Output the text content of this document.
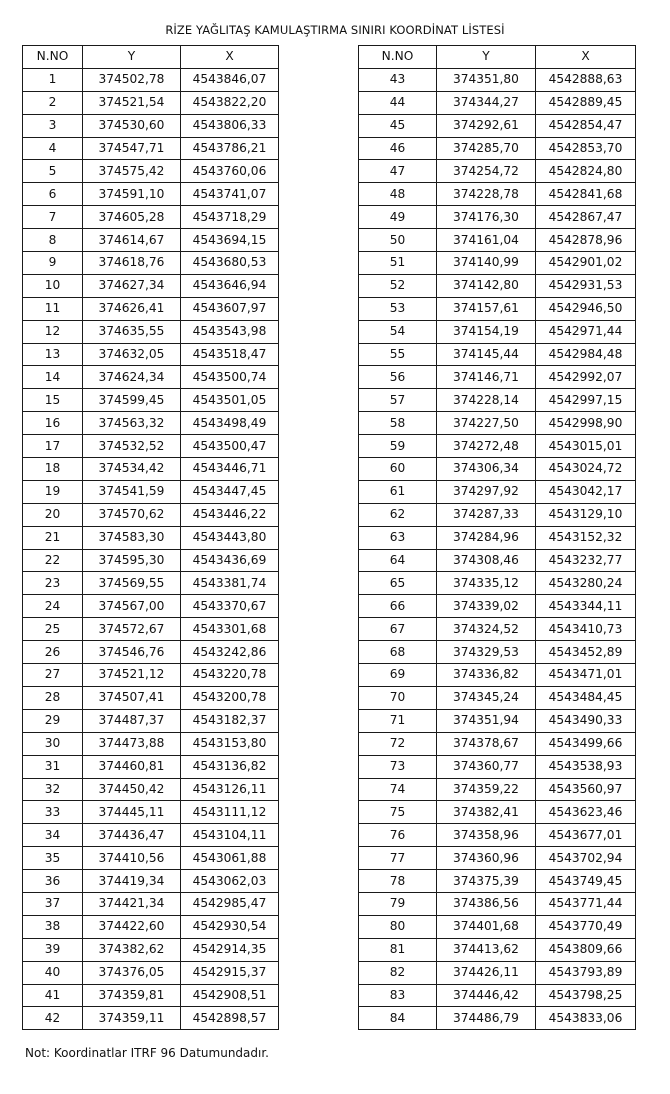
RİZE YAĞLITAŞ KAMULAŞTIRMA SINIRI KOORDİNAT LİSTESİ
N.NO	Y	X
1	374502,78	4543846,07
2	374521,54	4543822,20
3	374530,60	4543806,33
4	374547,71	4543786,21
5	374575,42	4543760,06
6	374591,10	4543741,07
7	374605,28	4543718,29
8	374614,67	4543694,15
9	374618,76	4543680,53
10	374627,34	4543646,94
11	374626,41	4543607,97
12	374635,55	4543543,98
13	374632,05	4543518,47
14	374624,34	4543500,74
15	374599,45	4543501,05
16	374563,32	4543498,49
17	374532,52	4543500,47
18	374534,42	4543446,71
19	374541,59	4543447,45
20	374570,62	4543446,22
21	374583,30	4543443,80
22	374595,30	4543436,69
23	374569,55	4543381,74
24	374567,00	4543370,67
25	374572,67	4543301,68
26	374546,76	4543242,86
27	374521,12	4543220,78
28	374507,41	4543200,78
29	374487,37	4543182,37
30	374473,88	4543153,80
31	374460,81	4543136,82
32	374450,42	4543126,11
33	374445,11	4543111,12
34	374436,47	4543104,11
35	374410,56	4543061,88
36	374419,34	4543062,03
37	374421,34	4542985,47
38	374422,60	4542930,54
39	374382,62	4542914,35
40	374376,05	4542915,37
41	374359,81	4542908,51
42	374359,11	4542898,57
N.NO	Y	X
43	374351,80	4542888,63
44	374344,27	4542889,45
45	374292,61	4542854,47
46	374285,70	4542853,70
47	374254,72	4542824,80
48	374228,78	4542841,68
49	374176,30	4542867,47
50	374161,04	4542878,96
51	374140,99	4542901,02
52	374142,80	4542931,53
53	374157,61	4542946,50
54	374154,19	4542971,44
55	374145,44	4542984,48
56	374146,71	4542992,07
57	374228,14	4542997,15
58	374227,50	4542998,90
59	374272,48	4543015,01
60	374306,34	4543024,72
61	374297,92	4543042,17
62	374287,33	4543129,10
63	374284,96	4543152,32
64	374308,46	4543232,77
65	374335,12	4543280,24
66	374339,02	4543344,11
67	374324,52	4543410,73
68	374329,53	4543452,89
69	374336,82	4543471,01
70	374345,24	4543484,45
71	374351,94	4543490,33
72	374378,67	4543499,66
73	374360,77	4543538,93
74	374359,22	4543560,97
75	374382,41	4543623,46
76	374358,96	4543677,01
77	374360,96	4543702,94
78	374375,39	4543749,45
79	374386,56	4543771,44
80	374401,68	4543770,49
81	374413,62	4543809,66
82	374426,11	4543793,89
83	374446,42	4543798,25
84	374486,79	4543833,06
Not: Koordinatlar ITRF 96 Datumundadır.
